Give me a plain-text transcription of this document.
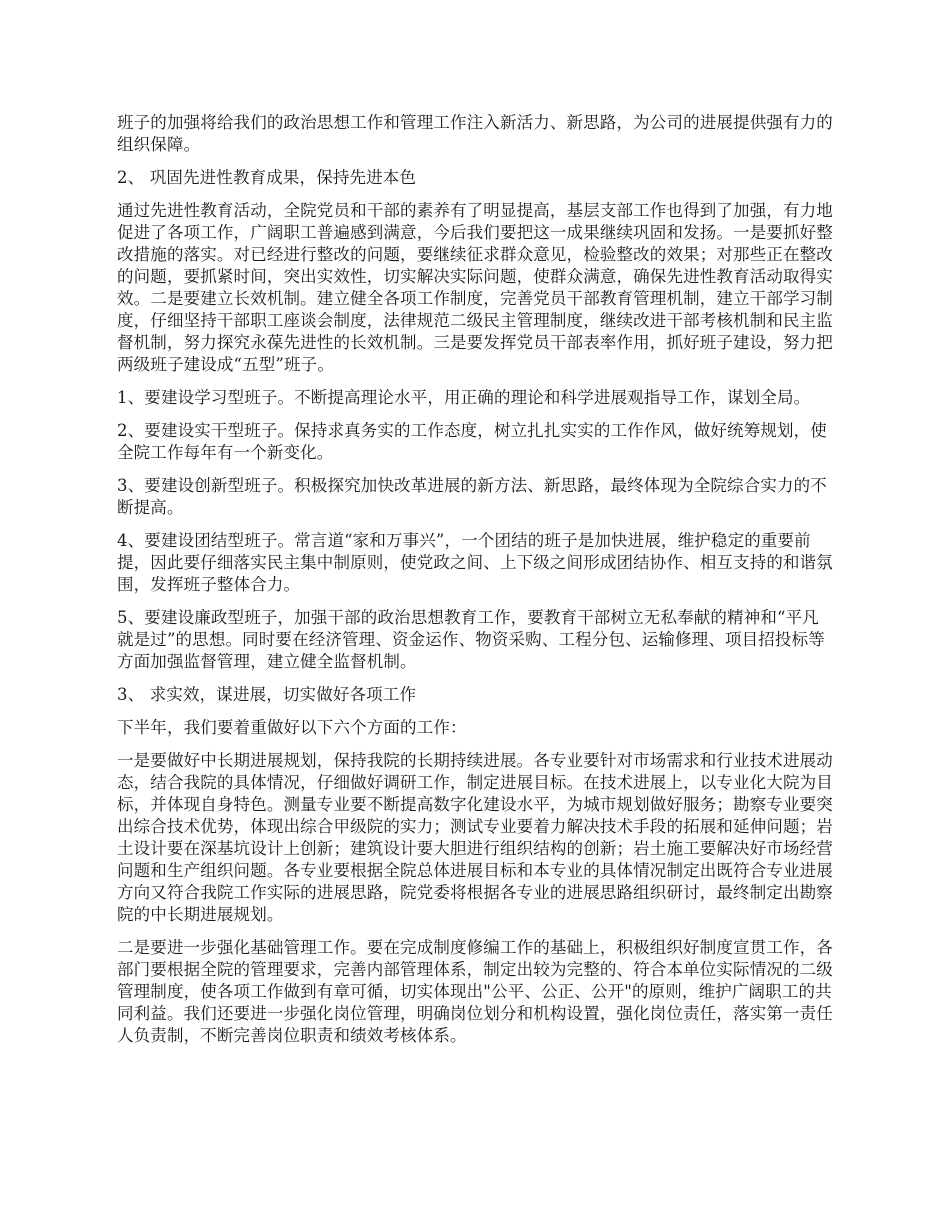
班子的加强将给我们的政治思想工作和管理工作注入新活力、新思路，为公司的进展提供强有力的组织保障。

2、 巩固先进性教育成果，保持先进本色

通过先进性教育活动，全院党员和干部的素养有了明显提高，基层支部工作也得到了加强，有力地促进了各项工作，广阔职工普遍感到满意，今后我们要把这一成果继续巩固和发扬。一是要抓好整改措施的落实。对已经进行整改的问题，要继续征求群众意见，检验整改的效果；对那些正在整改的问题，要抓紧时间，突出实效性，切实解决实际问题，使群众满意，确保先进性教育活动取得实效。二是要建立长效机制。建立健全各项工作制度，完善党员干部教育管理机制，建立干部学习制度，仔细坚持干部职工座谈会制度，法律规范二级民主管理制度，继续改进干部考核机制和民主监督机制，努力探究永葆先进性的长效机制。三是要发挥党员干部表率作用，抓好班子建设，努力把两级班子建设成“五型”班子。

1、要建设学习型班子。不断提高理论水平，用正确的理论和科学进展观指导工作，谋划全局。

2、要建设实干型班子。保持求真务实的工作态度，树立扎扎实实的工作作风，做好统筹规划，使全院工作每年有一个新变化。

3、要建设创新型班子。积极探究加快改革进展的新方法、新思路，最终体现为全院综合实力的不断提高。

4、要建设团结型班子。常言道“家和万事兴”，一个团结的班子是加快进展，维护稳定的重要前提，因此要仔细落实民主集中制原则，使党政之间、上下级之间形成团结协作、相互支持的和谐氛围，发挥班子整体合力。

5、要建设廉政型班子，加强干部的政治思想教育工作，要教育干部树立无私奉献的精神和“平凡就是过”的思想。同时要在经济管理、资金运作、物资采购、工程分包、运输修理、项目招投标等方面加强监督管理，建立健全监督机制。

3、 求实效，谋进展，切实做好各项工作

下半年，我们要着重做好以下六个方面的工作：

一是要做好中长期进展规划，保持我院的长期持续进展。各专业要针对市场需求和行业技术进展动态，结合我院的具体情况，仔细做好调研工作，制定进展目标。在技术进展上，以专业化大院为目标，并体现自身特色。测量专业要不断提高数字化建设水平，为城市规划做好服务；勘察专业要突出综合技术优势，体现出综合甲级院的实力；测试专业要着力解决技术手段的拓展和延伸问题；岩土设计要在深基坑设计上创新；建筑设计要大胆进行组织结构的创新；岩土施工要解决好市场经营问题和生产组织问题。各专业要根据全院总体进展目标和本专业的具体情况制定出既符合专业进展方向又符合我院工作实际的进展思路，院党委将根据各专业的进展思路组织研讨，最终制定出勘察院的中长期进展规划。

二是要进一步强化基础管理工作。要在完成制度修编工作的基础上，积极组织好制度宣贯工作，各部门要根据全院的管理要求，完善内部管理体系，制定出较为完整的、符合本单位实际情况的二级管理制度，使各项工作做到有章可循，切实体现出"公平、公正、公开"的原则，维护广阔职工的共同利益。我们还要进一步强化岗位管理，明确岗位划分和机构设置，强化岗位责任，落实第一责任人负责制，不断完善岗位职责和绩效考核体系。
